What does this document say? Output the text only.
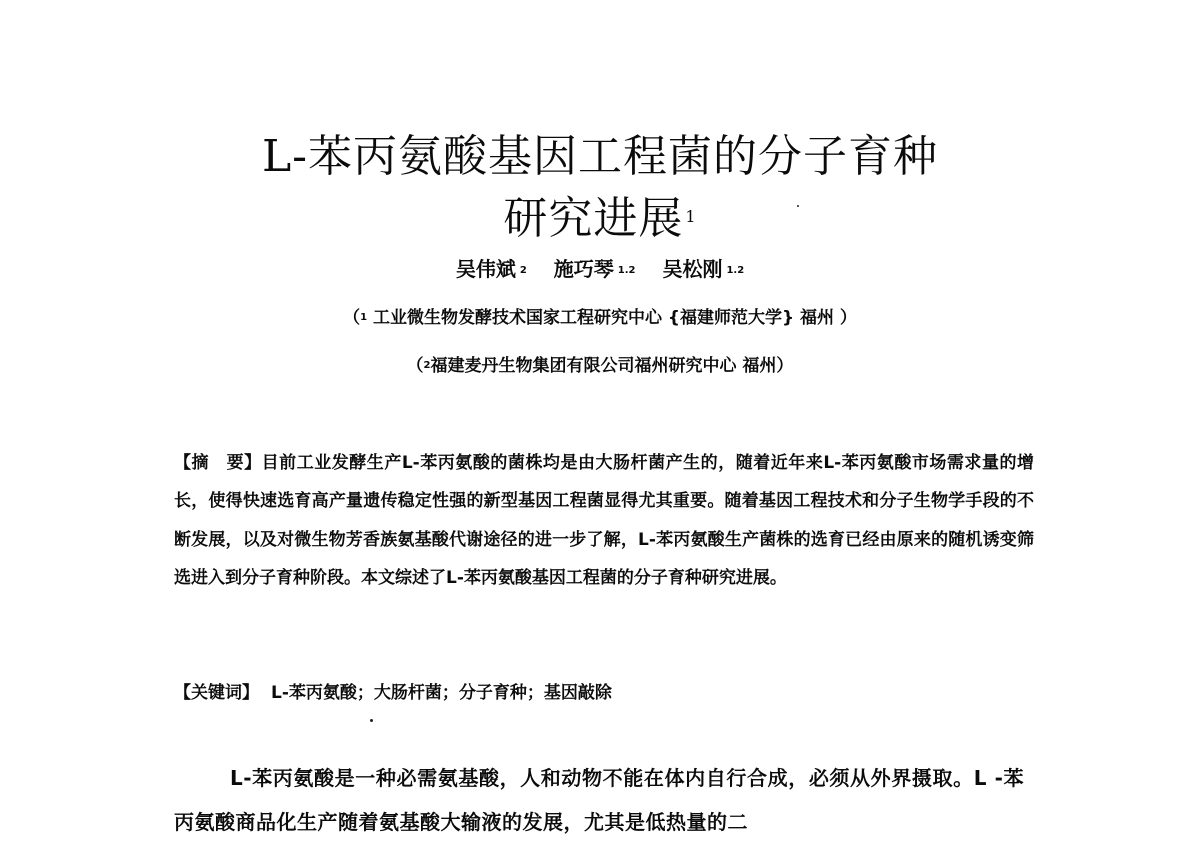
L-苯丙氨酸基因工程菌的分子育种
研究进展 $^1$
吴伟斌 $^2$ 施巧琴 $^{1.2}$ 吴松刚 $^{1.2}$
（$^1$ 工业微生物发酵技术国家工程研究中心 {福建师范大学} 福州 ）
（$^2$福建麦丹生物集团有限公司福州研究中心 福州）
【摘　要】目前工业发酵生产L-苯丙氨酸的菌株均是由大肠杆菌产生的，随着近年来L-苯丙氨酸市场需求量的增长，使得快速选育高产量遗传稳定性强的新型基因工程菌显得尤其重要。随着基因工程技术和分子生物学手段的不断发展，以及对微生物芳香族氨基酸代谢途径的进一步了解，L-苯丙氨酸生产菌株的选育已经由原来的随机诱变筛选进入到分子育种阶段。本文综述了L-苯丙氨酸基因工程菌的分子育种研究进展。
【关键词】 L-苯丙氨酸；大肠杆菌；分子育种；基因敲除
L-苯丙氨酸是一种必需氨基酸，人和动物不能在体内自行合成，必须从外界摄取。L -苯丙氨酸商品化生产随着氨基酸大输液的发展，尤其是低热量的二
